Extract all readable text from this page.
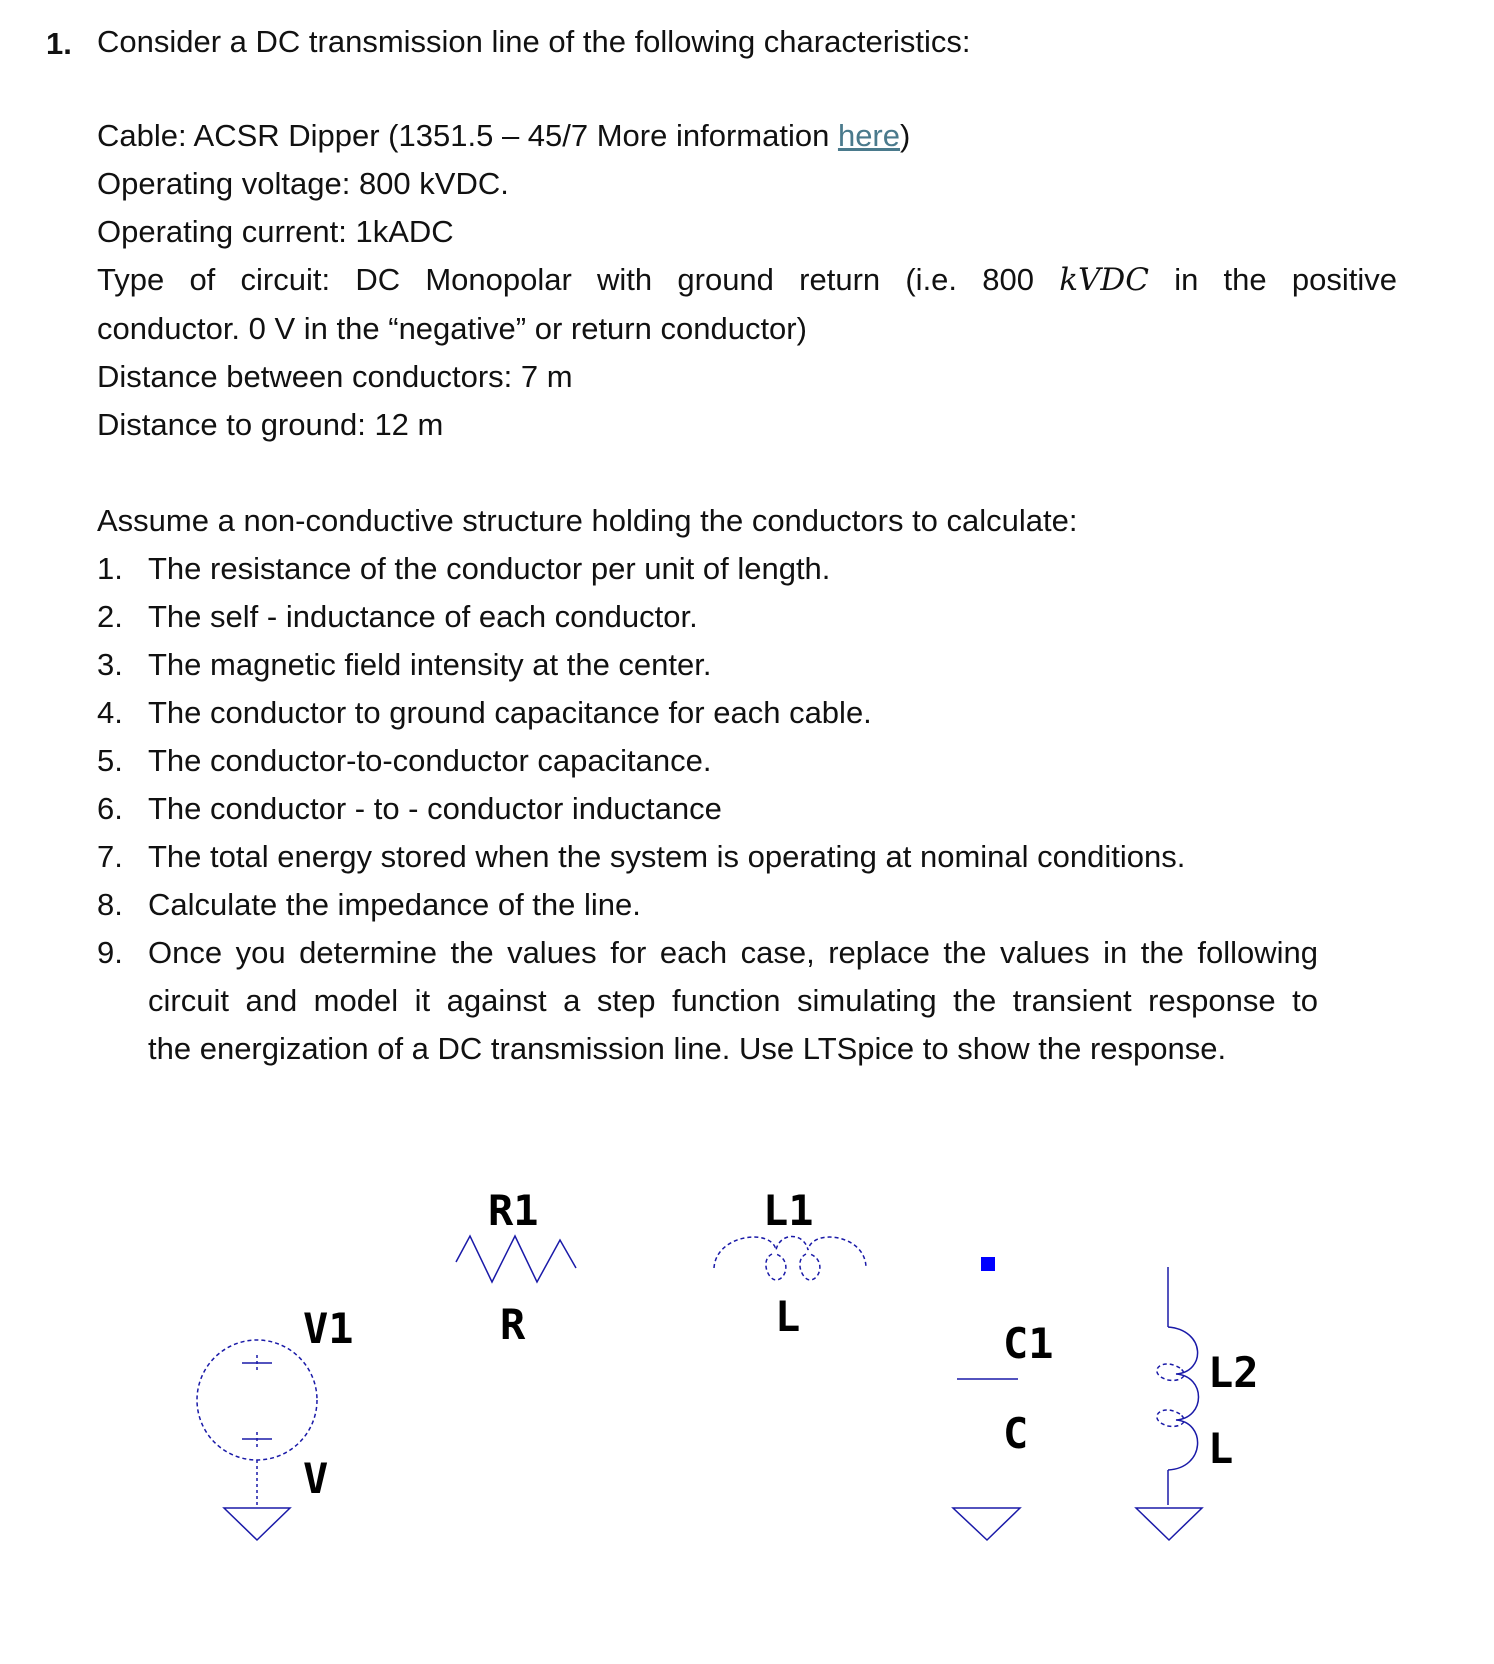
1. Consider a DC transmission line of the following characteristics:
Cable: ACSR Dipper (1351.5 – 45/7 More information here)
Operating voltage: 800 kVDC.
Operating current: 1kADC
Type of circuit: DC Monopolar with ground return (i.e. 800 kVDC in the positive
conductor. 0 V in the “negative” or return conductor)
Distance between conductors: 7 m
Distance to ground: 12 m
Assume a non-conductive structure holding the conductors to calculate:
1. The resistance of the conductor per unit of length.
2. The self - inductance of each conductor.
3. The magnetic field intensity at the center.
4. The conductor to ground capacitance for each cable.
5. The conductor-to-conductor capacitance.
6. The conductor - to - conductor inductance
7. The total energy stored when the system is operating at nominal conditions.
8. Calculate the impedance of the line.
9. Once you determine the values for each case, replace the values in the following
circuit and model it against a step function simulating the transient response to
the energization of a DC transmission line. Use LTSpice to show the response.
V1
V
R1
R
L1
L
C1
C
L2
L
